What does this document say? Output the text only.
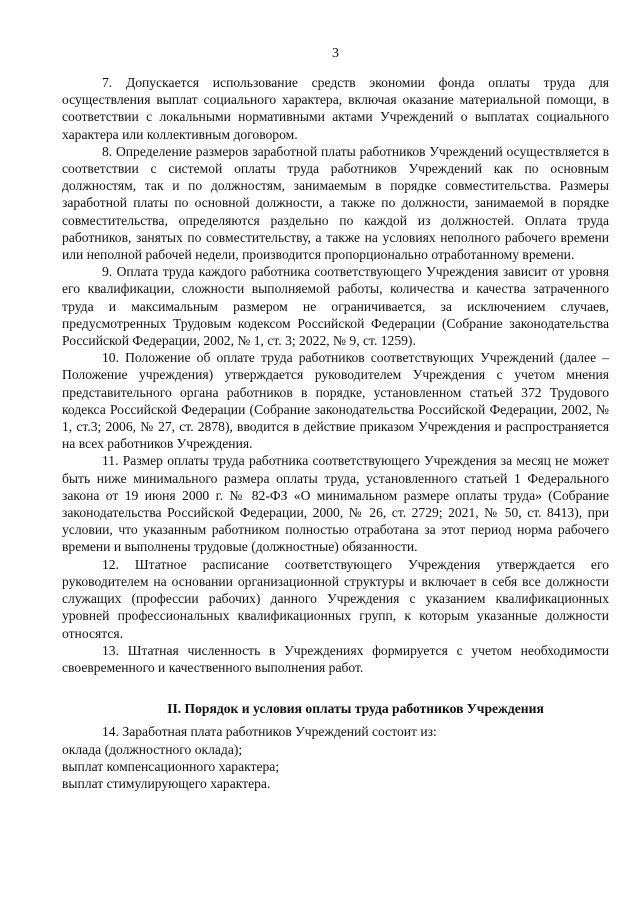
3

7. Допускается использование средств экономии фонда оплаты труда для осуществления выплат социального характера, включая оказание материальной помощи, в соответствии с локальными нормативными актами Учреждений о выплатах социального характера или коллективным договором.

8. Определение размеров заработной платы работников Учреждений осуществляется в соответствии с системой оплаты труда работников Учреждений как по основным должностям, так и по должностям, занимаемым в порядке совместительства. Размеры заработной платы по основной должности, а также по должности, занимаемой в порядке совместительства, определяются раздельно по каждой из должностей. Оплата труда работников, занятых по совместительству, а также на условиях неполного рабочего времени или неполной рабочей недели, производится пропорционально отработанному времени.

9. Оплата труда каждого работника соответствующего Учреждения зависит от уровня его квалификации, сложности выполняемой работы, количества и качества затраченного труда и максимальным размером не ограничивается, за исключением случаев, предусмотренных Трудовым кодексом Российской Федерации (Собрание законодательства Российской Федерации, 2002, № 1, ст. 3; 2022, № 9, ст. 1259).

10. Положение об оплате труда работников соответствующих Учреждений (далее – Положение учреждения) утверждается руководителем Учреждения с учетом мнения представительного органа работников в порядке, установленном статьей 372 Трудового кодекса Российской Федерации (Собрание законодательства Российской Федерации, 2002, № 1, ст.3; 2006, № 27, ст. 2878), вводится в действие приказом Учреждения и распространяется на всех работников Учреждения.

11. Размер оплаты труда работника соответствующего Учреждения за месяц не может быть ниже минимального размера оплаты труда, установленного статьей 1 Федерального закона от 19 июня 2000 г. № 82-ФЗ «О минимальном размере оплаты труда» (Собрание законодательства Российской Федерации, 2000, № 26, ст. 2729; 2021, № 50, ст. 8413), при условии, что указанным работником полностью отработана за этот период норма рабочего времени и выполнены трудовые (должностные) обязанности.

12. Штатное расписание соответствующего Учреждения утверждается его руководителем на основании организационной структуры и включает в себя все должности служащих (профессии рабочих) данного Учреждения с указанием квалификационных уровней профессиональных квалификационных групп, к которым указанные должности относятся.

13. Штатная численность в Учреждениях формируется с учетом необходимости своевременного и качественного выполнения работ.

II. Порядок и условия оплаты труда работников Учреждения

14. Заработная плата работников Учреждений состоит из:

оклада (должностного оклада);

выплат компенсационного характера;

выплат стимулирующего характера.
